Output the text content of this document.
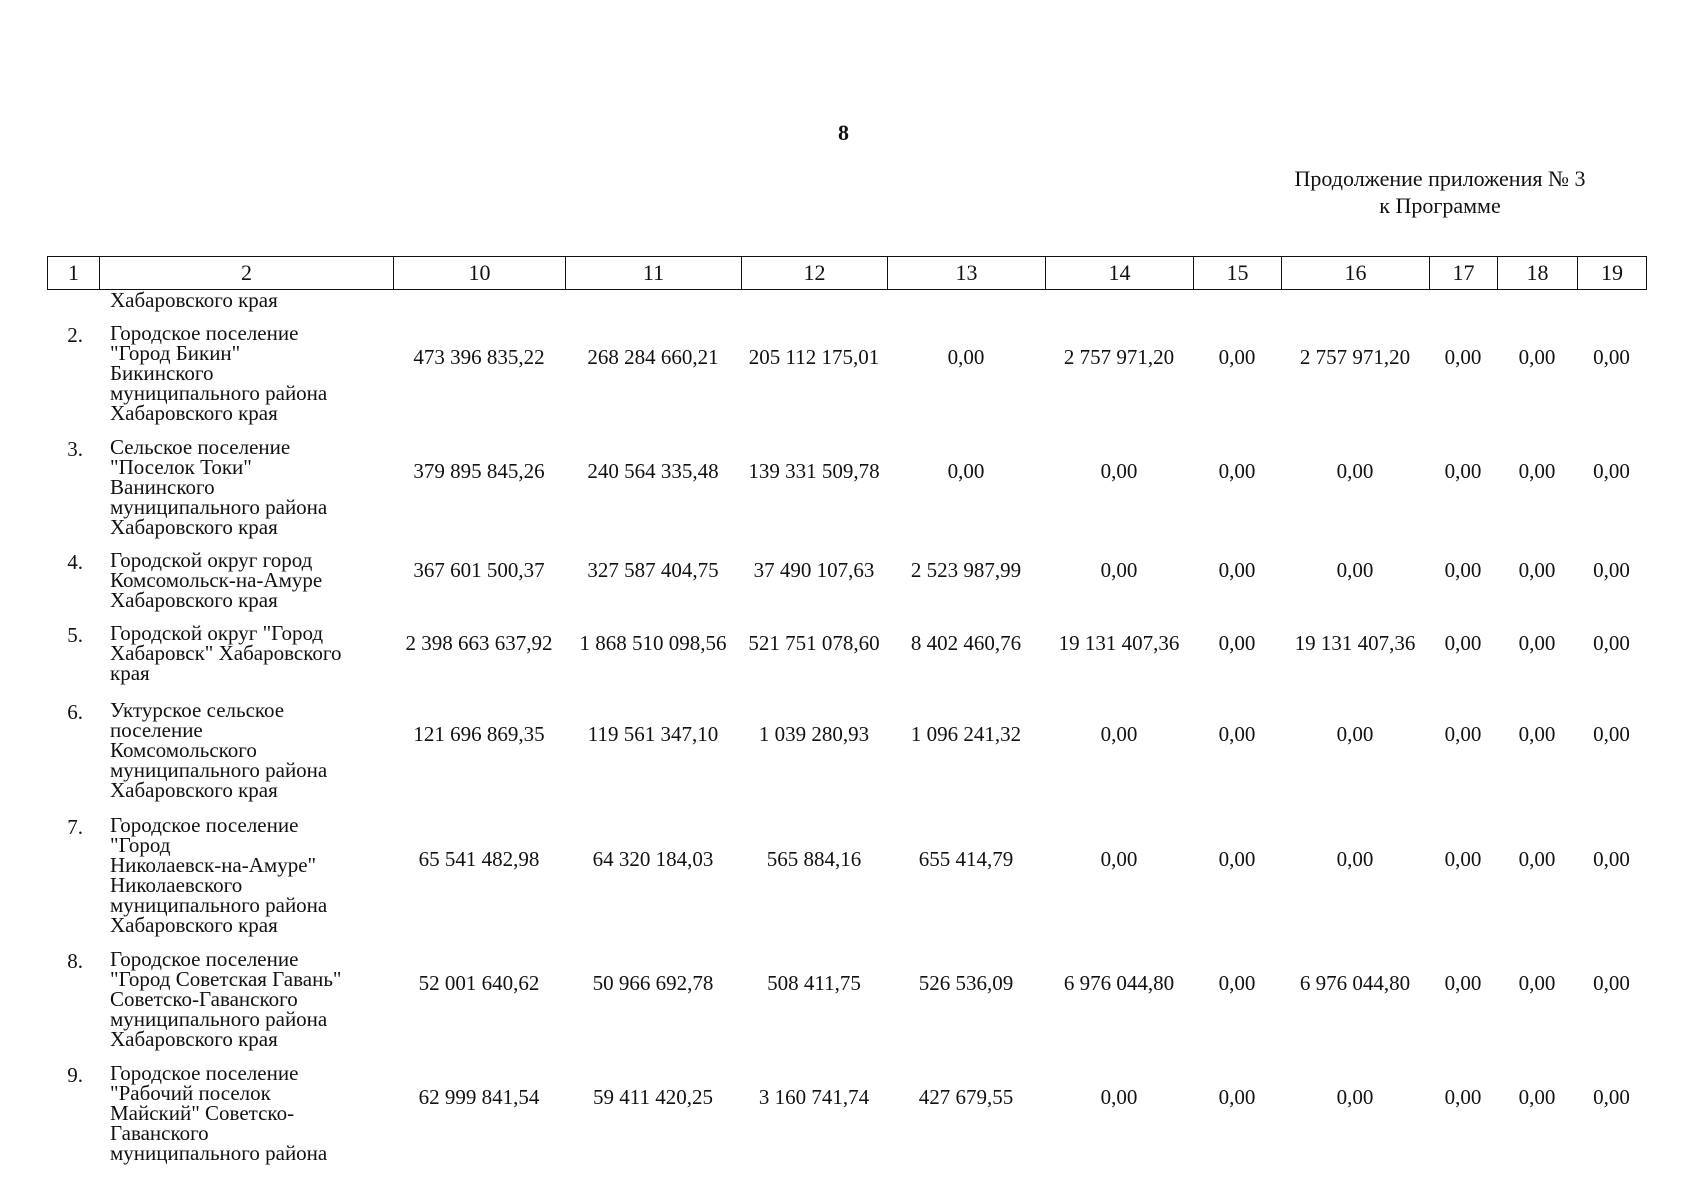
8
Продолжение приложения № 3
к Программе
1	2	10	11	12	13	14	15	16	17	18	19
Хабаровского края
2. Городское поселение
"Город Бикин"
Бикинского
муниципального района
Хабаровского края
473 396 835,22	268 284 660,21	205 112 175,01	0,00	2 757 971,20	0,00	2 757 971,20	0,00	0,00	0,00
3. Сельское поселение
"Поселок Токи"
Ванинского
муниципального района
Хабаровского края
379 895 845,26	240 564 335,48	139 331 509,78	0,00	0,00	0,00	0,00	0,00	0,00	0,00
4. Городской округ город
Комсомольск-на-Амуре
Хабаровского края
367 601 500,37	327 587 404,75	37 490 107,63	2 523 987,99	0,00	0,00	0,00	0,00	0,00	0,00
5. Городской округ "Город
Хабаровск" Хабаровского
края
2 398 663 637,92	1 868 510 098,56	521 751 078,60	8 402 460,76	19 131 407,36	0,00	19 131 407,36	0,00	0,00	0,00
6. Уктурское сельское
поселение
Комсомольского
муниципального района
Хабаровского края
121 696 869,35	119 561 347,10	1 039 280,93	1 096 241,32	0,00	0,00	0,00	0,00	0,00	0,00
7. Городское поселение
"Город
Николаевск-на-Амуре"
Николаевского
муниципального района
Хабаровского края
65 541 482,98	64 320 184,03	565 884,16	655 414,79	0,00	0,00	0,00	0,00	0,00	0,00
8. Городское поселение
"Город Советская Гавань"
Советско-Гаванского
муниципального района
Хабаровского края
52 001 640,62	50 966 692,78	508 411,75	526 536,09	6 976 044,80	0,00	6 976 044,80	0,00	0,00	0,00
9. Городское поселение
"Рабочий поселок
Майский" Советско-
Гаванского
муниципального района
62 999 841,54	59 411 420,25	3 160 741,74	427 679,55	0,00	0,00	0,00	0,00	0,00	0,00
